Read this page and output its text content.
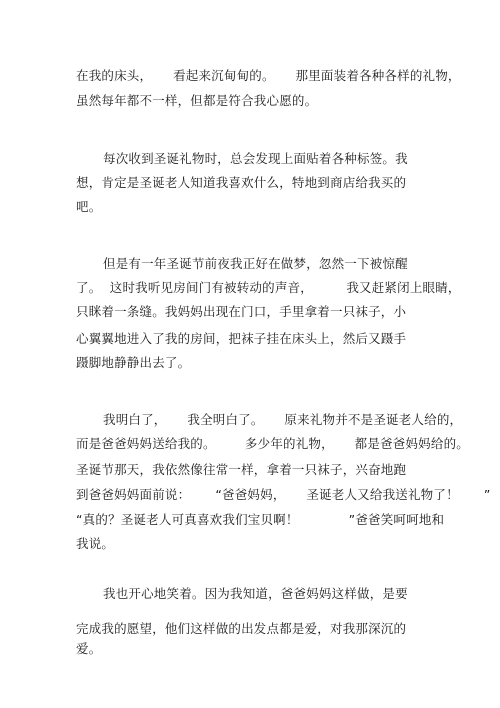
在我的床头，     看起来沉甸甸的。     那里面装着各种各样的礼物，
虽然每年都不一样，但都是符合我心愿的。
每次收到圣诞礼物时，总会发现上面贴着各种标签。我
想，肯定是圣诞老人知道我喜欢什么，特地到商店给我买的
吧。
但是有一年圣诞节前夜我正好在做梦，忽然一下被惊醒
了。  这时我听见房间门有被转动的声音，        我又赶紧闭上眼睛，
只眯着一条缝。我妈妈出现在门口，手里拿着一只袜子，小
心翼翼地进入了我的房间，把袜子挂在床头上，然后又蹑手
蹑脚地静静出去了。
我明白了，     我全明白了。     原来礼物并不是圣诞老人给的，
而是爸爸妈妈送给我的。       多少年的礼物，     都是爸爸妈妈给的。
圣诞节那天，我依然像往常一样，拿着一只袜子，兴奋地跑
到爸爸妈妈面前说：      “爸爸妈妈，     圣诞老人又给我送礼物了！      ”
“真的？圣诞老人可真喜欢我们宝贝啊！            ”爸爸笑呵呵地和
我说。
我也开心地笑着。因为我知道，爸爸妈妈这样做，是要
完成我的愿望，他们这样做的出发点都是爱，对我那深沉的
爱。
